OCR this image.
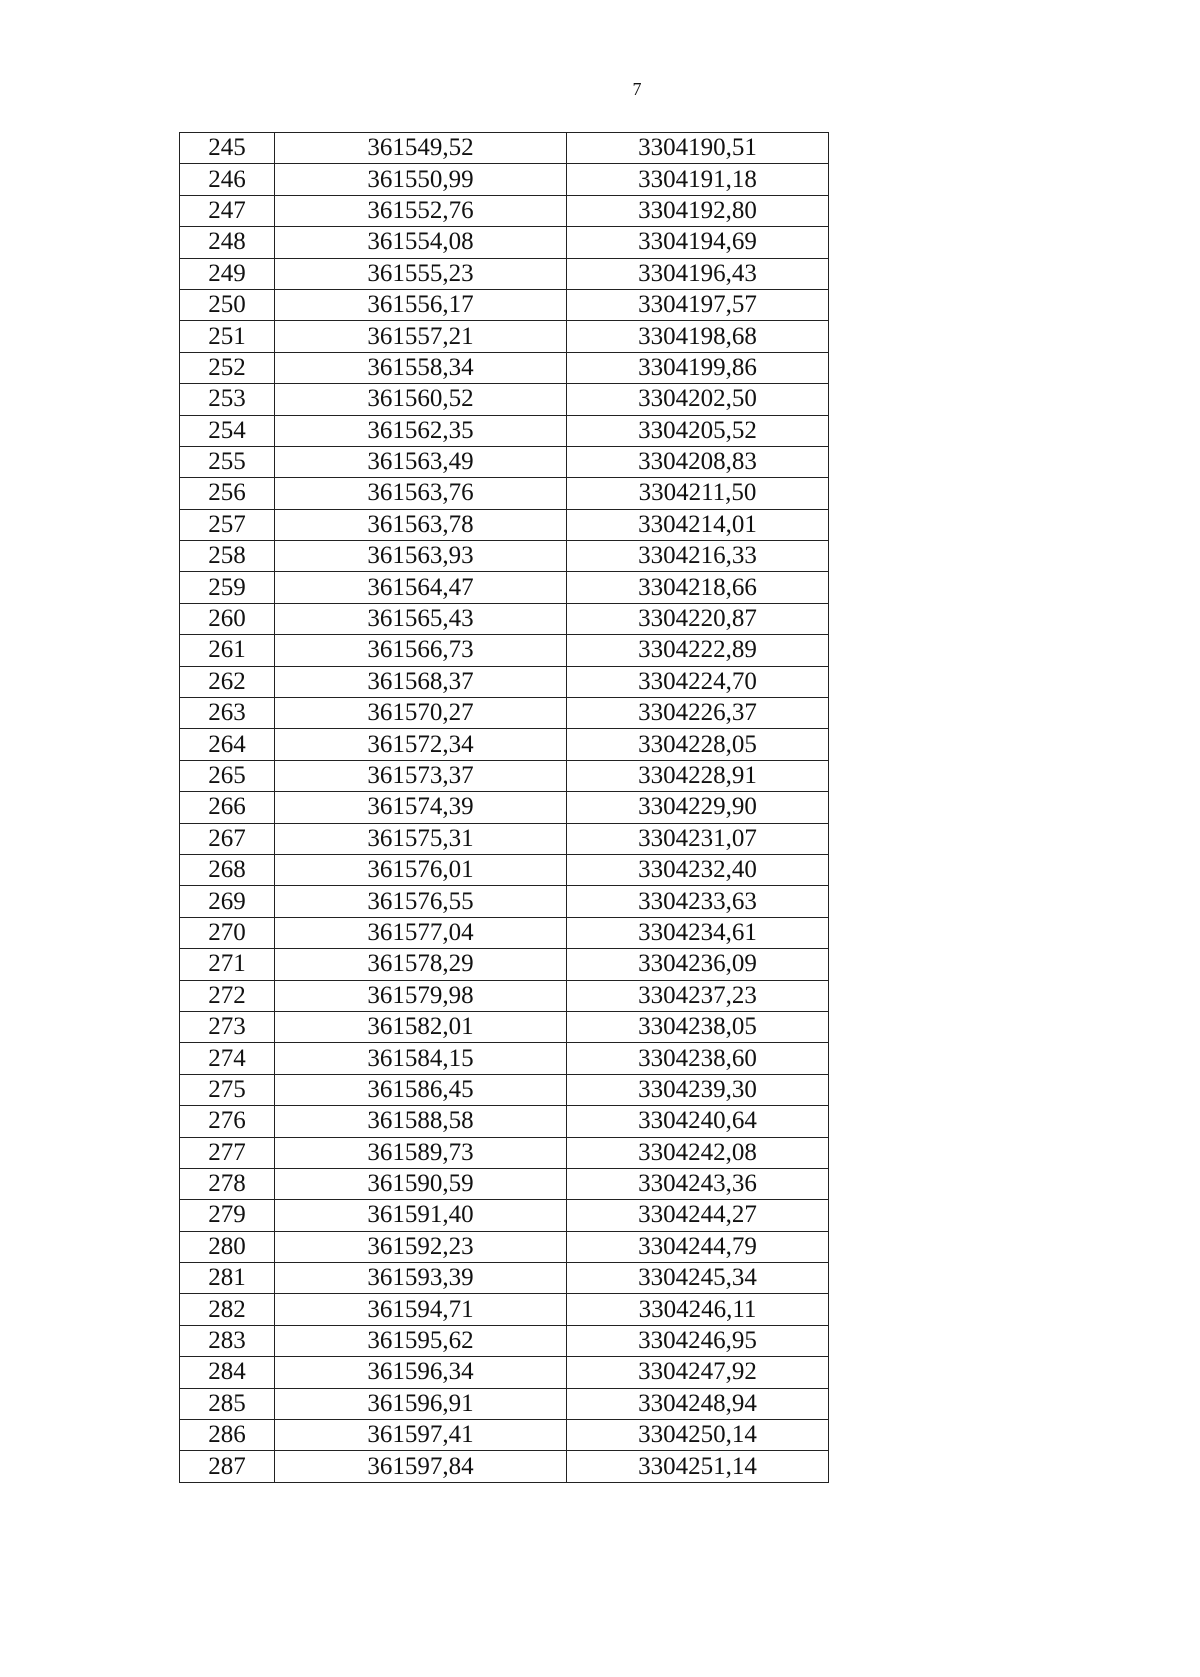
7
245	361549,52	3304190,51
246	361550,99	3304191,18
247	361552,76	3304192,80
248	361554,08	3304194,69
249	361555,23	3304196,43
250	361556,17	3304197,57
251	361557,21	3304198,68
252	361558,34	3304199,86
253	361560,52	3304202,50
254	361562,35	3304205,52
255	361563,49	3304208,83
256	361563,76	3304211,50
257	361563,78	3304214,01
258	361563,93	3304216,33
259	361564,47	3304218,66
260	361565,43	3304220,87
261	361566,73	3304222,89
262	361568,37	3304224,70
263	361570,27	3304226,37
264	361572,34	3304228,05
265	361573,37	3304228,91
266	361574,39	3304229,90
267	361575,31	3304231,07
268	361576,01	3304232,40
269	361576,55	3304233,63
270	361577,04	3304234,61
271	361578,29	3304236,09
272	361579,98	3304237,23
273	361582,01	3304238,05
274	361584,15	3304238,60
275	361586,45	3304239,30
276	361588,58	3304240,64
277	361589,73	3304242,08
278	361590,59	3304243,36
279	361591,40	3304244,27
280	361592,23	3304244,79
281	361593,39	3304245,34
282	361594,71	3304246,11
283	361595,62	3304246,95
284	361596,34	3304247,92
285	361596,91	3304248,94
286	361597,41	3304250,14
287	361597,84	3304251,14
